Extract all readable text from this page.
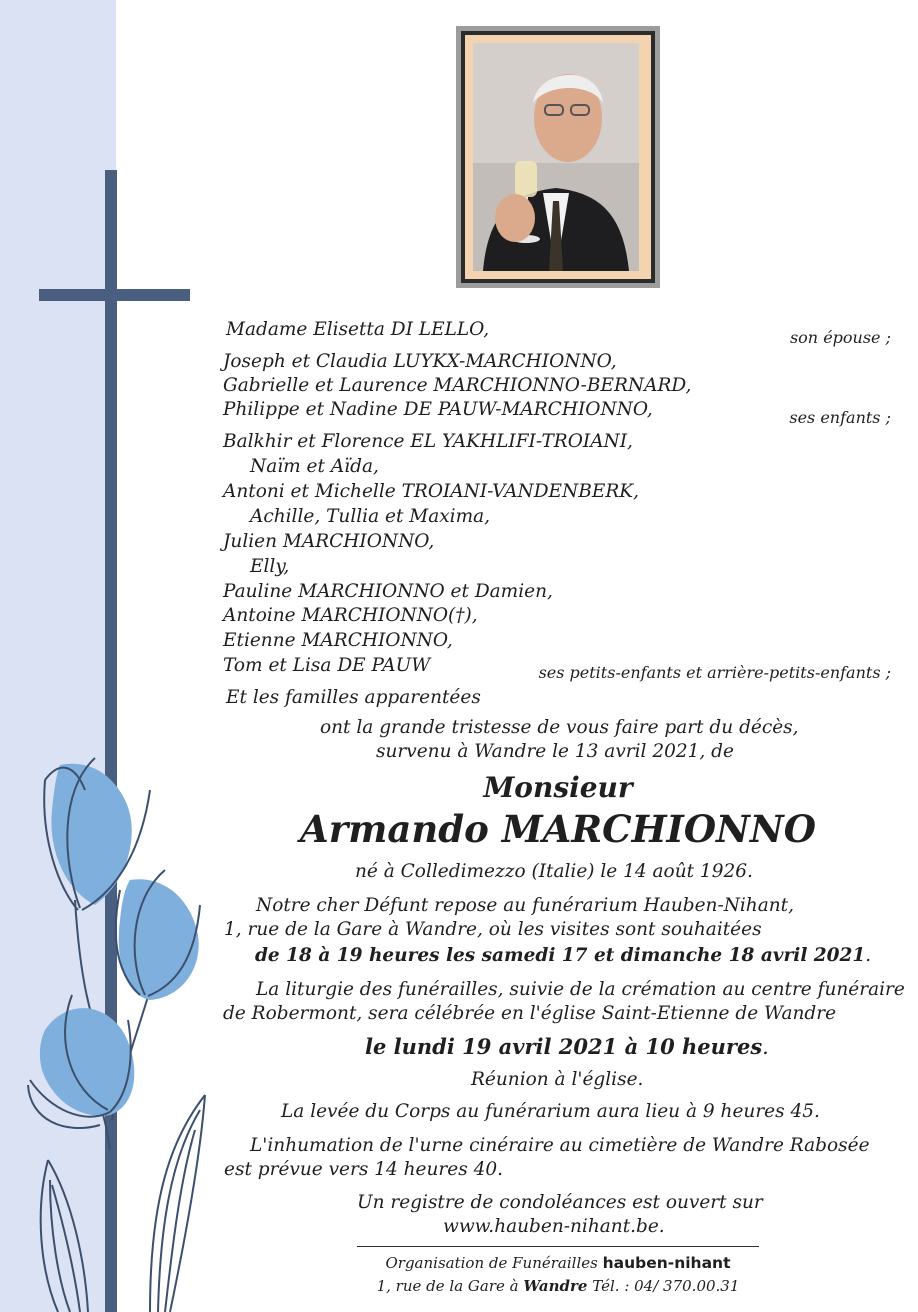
Madame Elisetta DI LELLO,	son épouse ;
Joseph et Claudia LUYKX-MARCHIONNO,
Gabrielle et Laurence MARCHIONNO-BERNARD,
Philippe et Nadine DE PAUW-MARCHIONNO,	ses enfants ;
Balkhir et Florence EL YAKHLIFI-TROIANI,
Naïm et Aïda,
Antoni et Michelle TROIANI-VANDENBERK,
Achille, Tullia et Maxima,
Julien MARCHIONNO,
Elly,
Pauline MARCHIONNO et Damien,
Antoine MARCHIONNO(†),
Etienne MARCHIONNO,
Tom et Lisa DE PAUW	ses petits-enfants et arrière-petits-enfants ;
Et les familles apparentées
ont la grande tristesse de vous faire part du décès,
survenu à Wandre le 13 avril 2021, de
Monsieur
Armando MARCHIONNO
né à Colledimezzo (Italie) le 14 août 1926.
Notre cher Défunt repose au funérarium Hauben-Nihant,
1, rue de la Gare à Wandre, où les visites sont souhaitées
de 18 à 19 heures les samedi 17 et dimanche 18 avril 2021.
La liturgie des funérailles, suivie de la crémation au centre funéraire
de Robermont, sera célébrée en l'église Saint-Etienne de Wandre
le lundi 19 avril 2021 à 10 heures.
Réunion à l'église.
La levée du Corps au funérarium aura lieu à 9 heures 45.
L'inhumation de l'urne cinéraire au cimetière de Wandre Rabosée
est prévue vers 14 heures 40.
Un registre de condoléances est ouvert sur
www.hauben-nihant.be.
Organisation de Funérailles hauben-nihant
1, rue de la Gare à Wandre Tél. : 04/ 370.00.31
